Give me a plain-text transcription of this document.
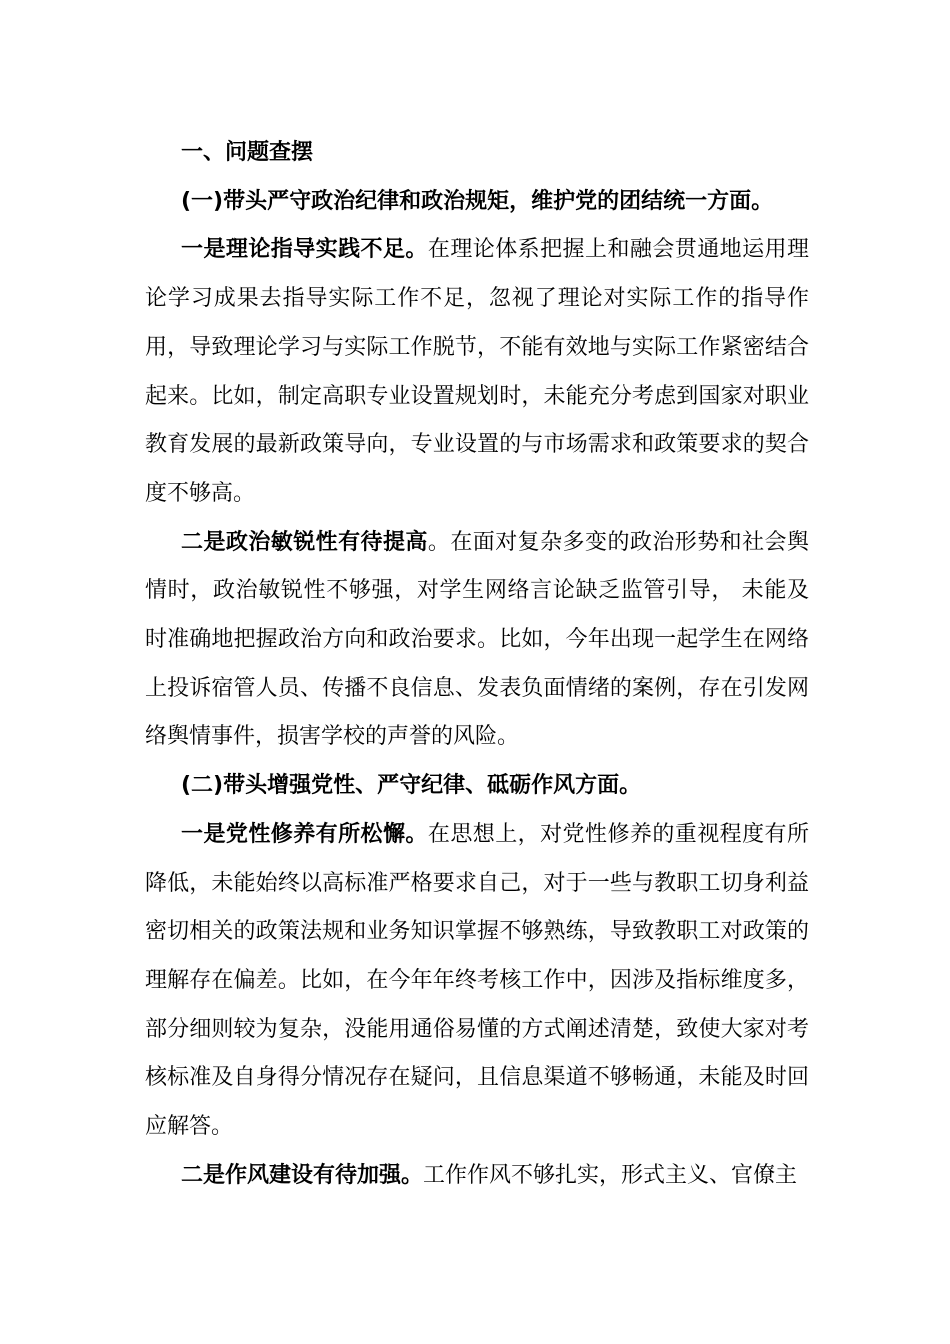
一、问题查摆

(一)带头严守政治纪律和政治规矩，维护党的团结统一方面。

一是理论指导实践不足。在理论体系把握上和融会贯通地运用理论学习成果去指导实际工作不足，忽视了理论对实际工作的指导作用，导致理论学习与实际工作脱节，不能有效地与实际工作紧密结合起来。比如，制定高职专业设置规划时，未能充分考虑到国家对职业教育发展的最新政策导向，专业设置的与市场需求和政策要求的契合度不够高。

二是政治敏锐性有待提高。在面对复杂多变的政治形势和社会舆情时，政治敏锐性不够强，对学生网络言论缺乏监管引导， 未能及时准确地把握政治方向和政治要求。比如，今年出现一起学生在网络上投诉宿管人员、传播不良信息、发表负面情绪的案例，存在引发网络舆情事件，损害学校的声誉的风险。

(二)带头增强党性、严守纪律、砥砺作风方面。

一是党性修养有所松懈。在思想上，对党性修养的重视程度有所降低，未能始终以高标准严格要求自己，对于一些与教职工切身利益密切相关的政策法规和业务知识掌握不够熟练，导致教职工对政策的理解存在偏差。比如，在今年年终考核工作中，因涉及指标维度多，部分细则较为复杂，没能用通俗易懂的方式阐述清楚，致使大家对考核标准及自身得分情况存在疑问，且信息渠道不够畅通，未能及时回应解答。

二是作风建设有待加强。工作作风不够扎实，形式主义、官僚主
